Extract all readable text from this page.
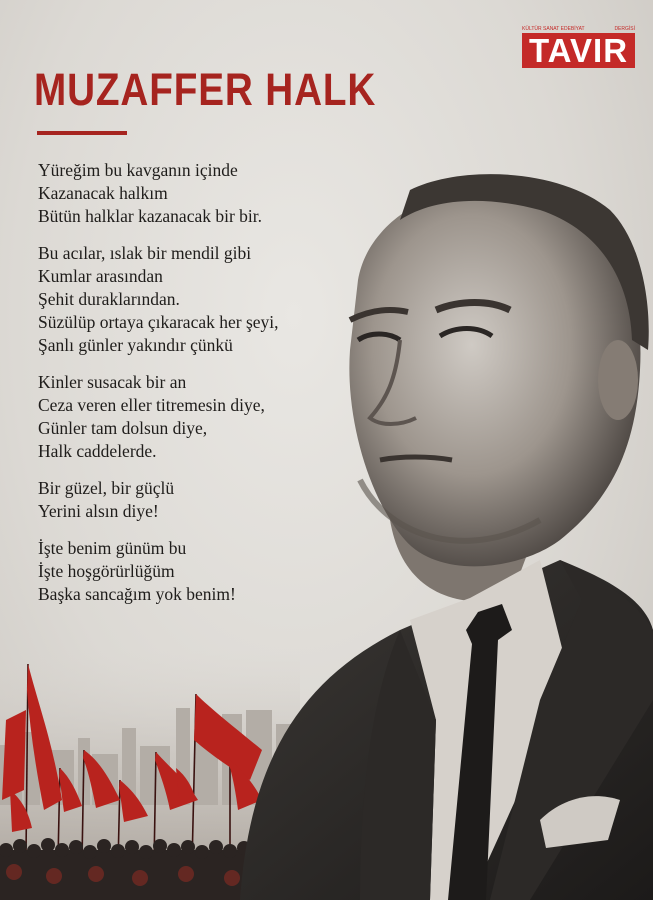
KÜLTÜR SANAT EDEBİYAT	DERGİSİ
TAVIR
MUZAFFER HALK
Yüreğim bu kavganın içinde
Kazanacak halkım
Bütün halklar kazanacak bir bir.
Bu acılar, ıslak bir mendil gibi
Kumlar arasından
Şehit duraklarından.
Süzülüp ortaya çıkaracak her şeyi,
Şanlı günler yakındır çünkü
Kinler susacak bir an
Ceza veren eller titremesin diye,
Günler tam dolsun diye,
Halk caddelerde.
Bir güzel, bir güçlü
Yerini alsın diye!
İşte benim günüm bu
İşte hoşgörürlüğüm
Başka sancağım yok benim!
